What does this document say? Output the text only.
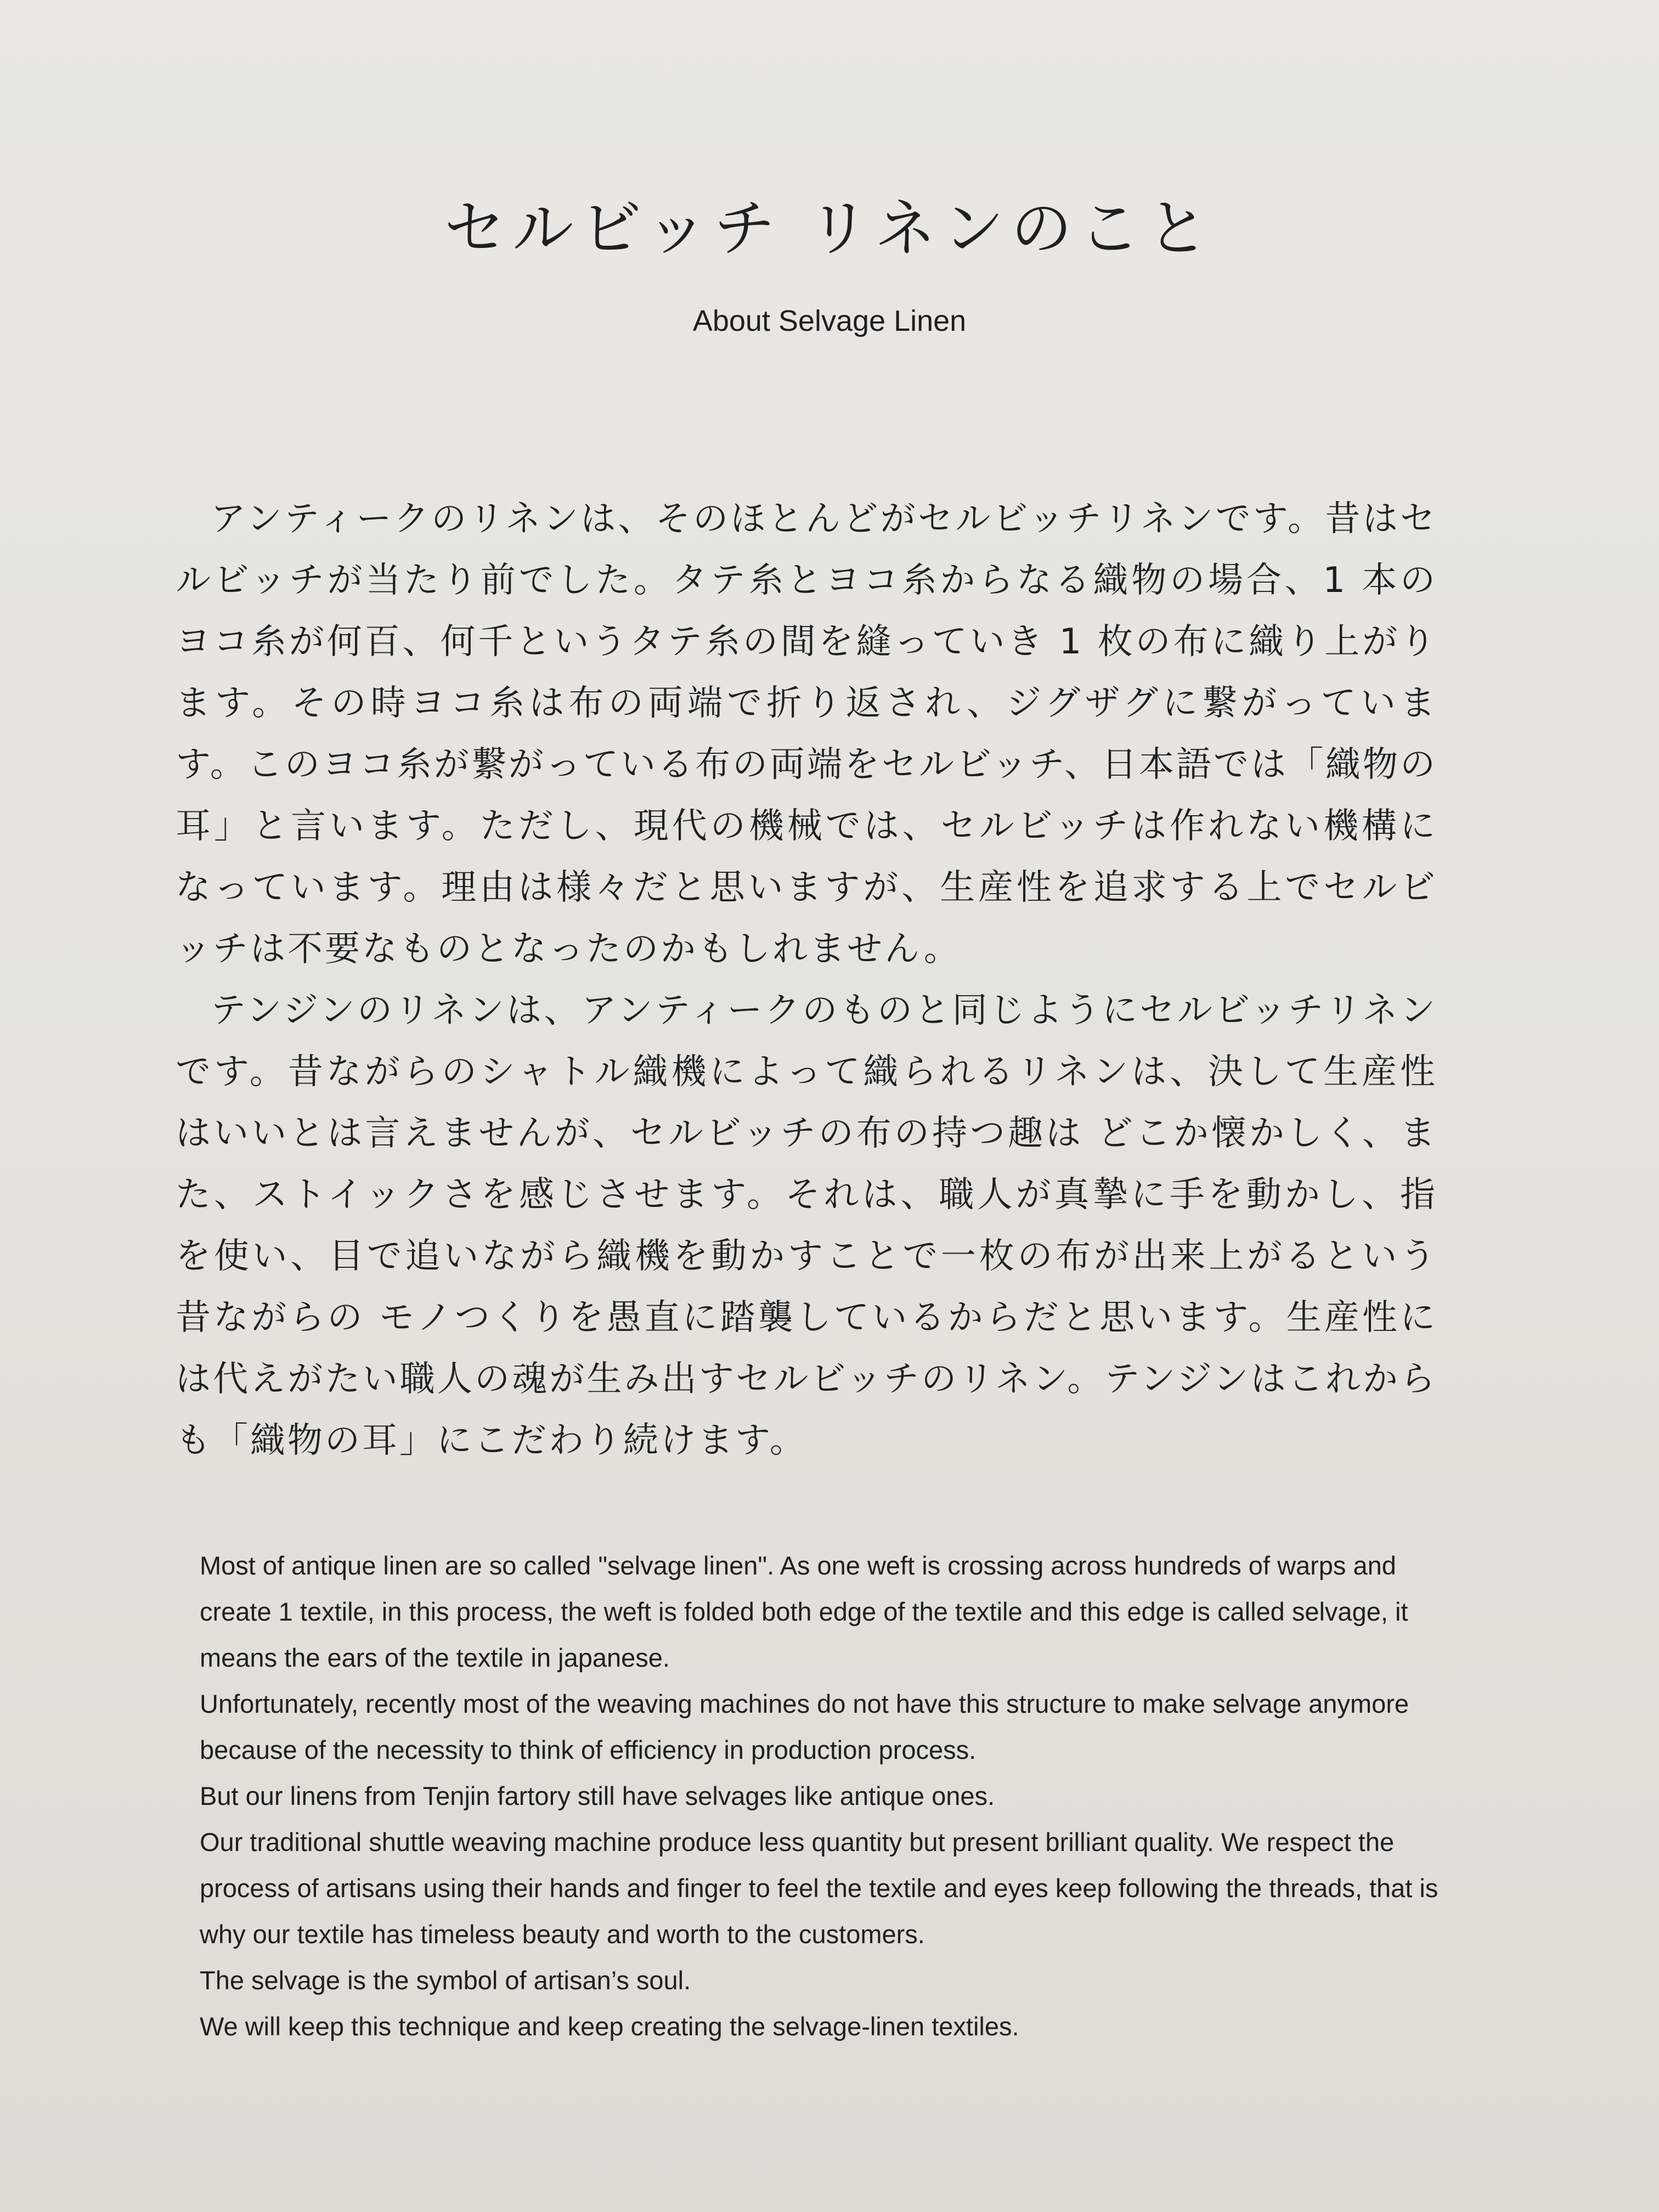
セルビッチ リネンのこと
About Selvage Linen

アンティークのリネンは、そのほとんどがセルビッチリネンです。昔はセルビッチが当たり前でした。タテ糸とヨコ糸からなる織物の場合、1 本のヨコ糸が何百、何千というタテ糸の間を縫っていき 1 枚の布に織り上がります。その時ヨコ糸は布の両端で折り返され、ジグザグに繋がっています。このヨコ糸が繋がっている布の両端をセルビッチ、日本語では「織物の耳」と言います。ただし、現代の機械では、セルビッチは作れない機構になっています。理由は様々だと思いますが、生産性を追求する上でセルビッチは不要なものとなったのかもしれません。

テンジンのリネンは、アンティークのものと同じようにセルビッチリネンです。昔ながらのシャトル織機によって織られるリネンは、決して生産性はいいとは言えませんが、セルビッチの布の持つ趣は どこか懐かしく、また、ストイックさを感じさせます。それは、職人が真摯に手を動かし、指を使い、目で追いながら織機を動かすことで一枚の布が出来上がるという昔ながらの モノつくりを愚直に踏襲しているからだと思います。生産性には代えがたい職人の魂が生み出すセルビッチのリネン。テンジンはこれからも「織物の耳」にこだわり続けます。

Most of antique linen are so called "selvage linen". As one weft is crossing across hundreds of warps and create 1 textile, in this process, the weft is folded both edge of the textile and this edge is called selvage, it means the ears of the textile in japanese.

Unfortunately, recently most of the weaving machines do not have this structure to make selvage anymore because of the necessity to think of efficiency in production process.

But our linens from Tenjin fartory still have selvages like antique ones.

Our traditional shuttle weaving machine produce less quantity but present brilliant quality. We respect the process of artisans using their hands and finger to feel the textile and eyes keep following the threads, that is why our textile has timeless beauty and worth to the customers.

The selvage is the symbol of artisan’s soul.

We will keep this technique and keep creating the selvage-linen textiles.
